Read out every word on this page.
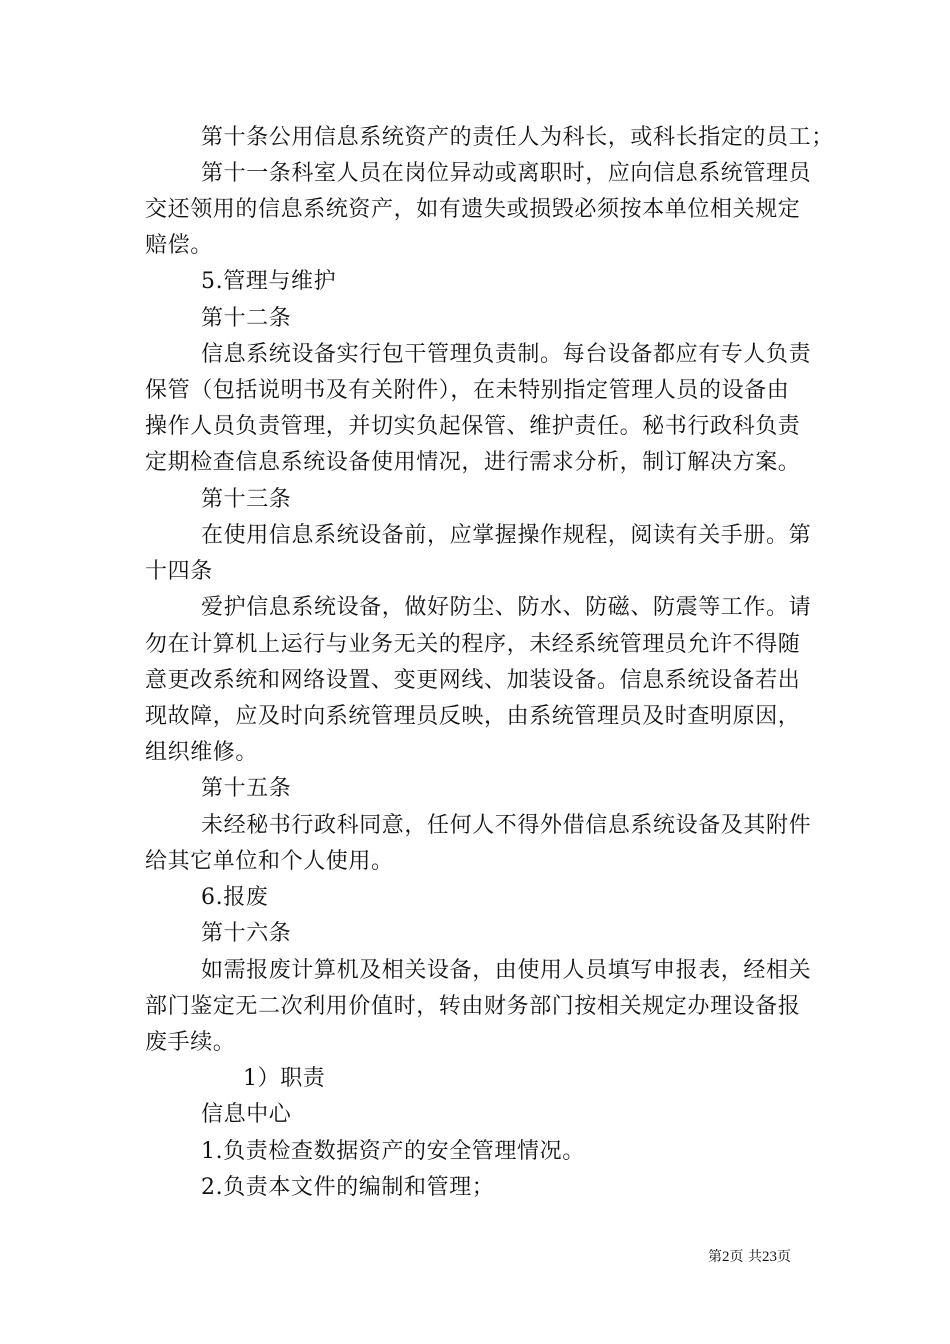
第十条公用信息系统资产的责任人为科长，或科长指定的员工；
第十一条科室人员在岗位异动或离职时，应向信息系统管理员
交还领用的信息系统资产，如有遗失或损毁必须按本单位相关规定
赔偿。
5.管理与维护
第十二条
信息系统设备实行包干管理负责制。每台设备都应有专人负责
保管（包括说明书及有关附件），在未特别指定管理人员的设备由
操作人员负责管理，并切实负起保管、维护责任。秘书行政科负责
定期检查信息系统设备使用情况，进行需求分析，制订解决方案。
第十三条
在使用信息系统设备前，应掌握操作规程，阅读有关手册。第
十四条
爱护信息系统设备，做好防尘、防水、防磁、防震等工作。请
勿在计算机上运行与业务无关的程序，未经系统管理员允许不得随
意更改系统和网络设置、变更网线、加装设备。信息系统设备若出
现故障，应及时向系统管理员反映，由系统管理员及时查明原因，
组织维修。
第十五条
未经秘书行政科同意，任何人不得外借信息系统设备及其附件
给其它单位和个人使用。
6.报废
第十六条
如需报废计算机及相关设备，由使用人员填写申报表，经相关
部门鉴定无二次利用价值时，转由财务部门按相关规定办理设备报
废手续。
1）职责
信息中心
1.负责检查数据资产的安全管理情况。
2.负责本文件的编制和管理；
第2页 共23页
